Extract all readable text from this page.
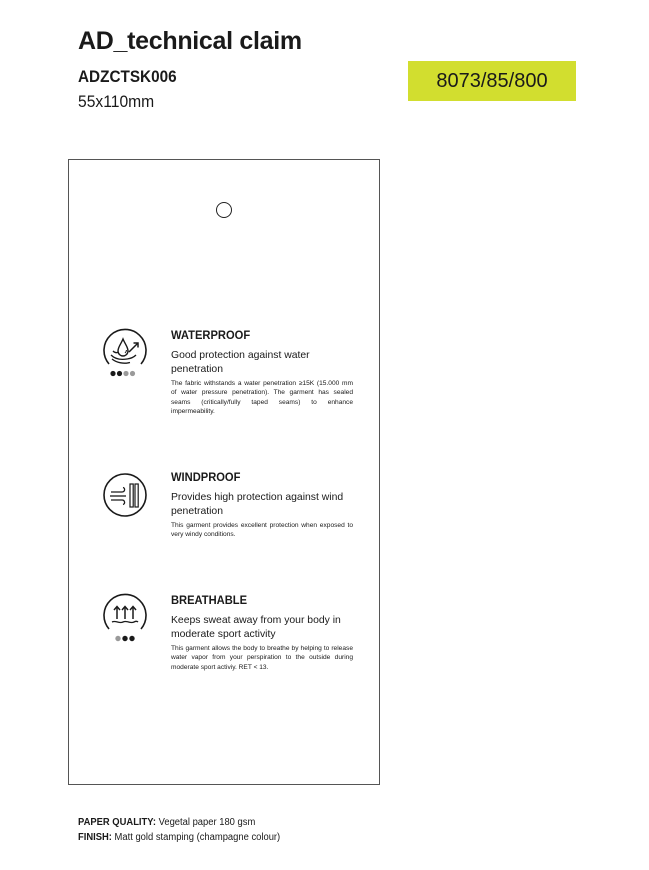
AD_technical claim
ADZCTSK006
55x110mm
8073/85/800
WATERPROOF
Good protection against water penetration
The fabric withstands a water penetration ≥15K (15.000 mm of water pressure penetration). The garment has sealed seams (critically/fully taped seams) to enhance impermeability.
WINDPROOF
Provides high protection against wind penetration
This garment provides excellent protection when exposed to very windy conditions.
BREATHABLE
Keeps sweat away from your body in moderate sport activity
This garment allows the body to breathe by helping to release water vapor from your perspiration to the outside during moderate sport activiy. RET < 13.
PAPER QUALITY: Vegetal paper 180 gsm
FINISH: Matt gold stamping (champagne colour)
